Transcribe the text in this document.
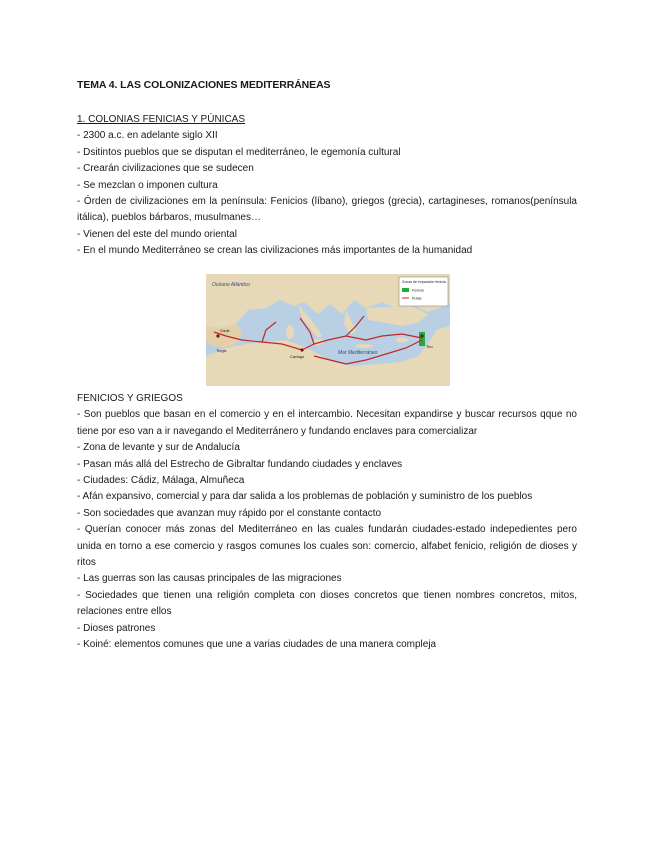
TEMA 4. LAS COLONIZACIONES MEDITERRÁNEAS

1. COLONIAS FENICIAS Y PÚNICAS

- 2300 a.c. en adelante siglo XII

- Dsitintos pueblos que se disputan el mediterráneo, le egemonía cultural

- Crearán civilizaciones que se sudecen

- Se mezclan o imponen cultura

- Órden de civilizaciones em la península: Fenicios (líbano), griegos (grecia), cartagineses, romanos(península itálica), pueblos bárbaros, musulmanes…

- Vienen del este del mundo oriental

- En el mundo Mediterráneo se crean las civilizaciones más importantes de la humanidad

Océano Atlántico
Mar Mediterráneo
Gadir
Cartago
Tingis
Tiro
Zonas de expansión fenicia
Fenicia
Rutas

FENICIOS Y GRIEGOS

- Son pueblos que basan en el comercio y en el intercambio. Necesitan expandirse y buscar recursos qque no tiene por eso van a ir navegando el Mediterránero y fundando enclaves para comercializar

- Zona de levante y sur de Andalucía

- Pasan más allá del Estrecho de Gibraltar fundando ciudades y enclaves

- Ciudades: Cádiz, Málaga, Almuñeca

- Afán expansivo, comercial y para dar salida a los problemas de población y suministro de los pueblos

- Son sociedades que avanzan muy rápido por el constante contacto

- Querían conocer más zonas del Mediterráneo en las cuales fundarán ciudades-estado indepedientes pero unida en torno a ese comercio y rasgos comunes los cuales son: comercio, alfabet fenicio, religión de dioses y ritos

- Las guerras son las causas principales de las migraciones

- Sociedades que tienen una religión completa con dioses concretos que tienen nombres concretos, mitos, relaciones entre ellos

- Dioses patrones

- Koiné: elementos comunes que une a varias ciudades de una manera compleja
